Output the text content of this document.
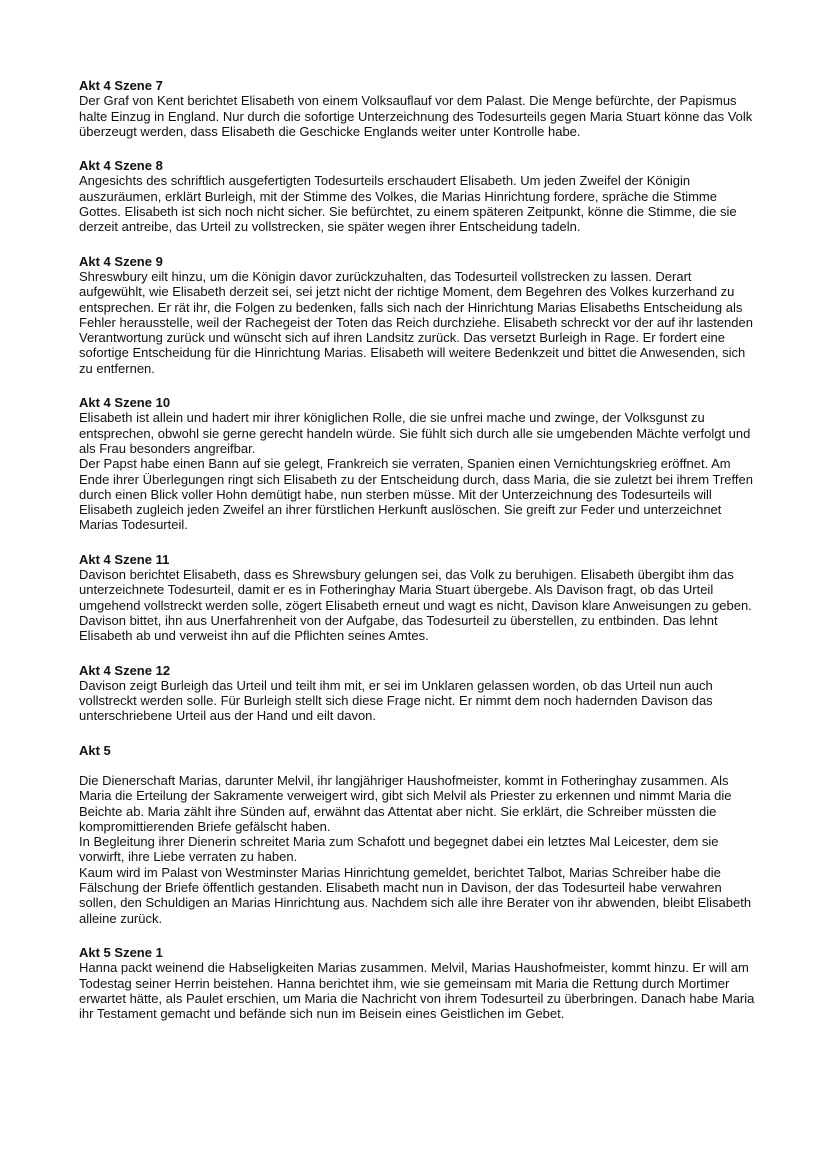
Akt 4 Szene 7

Der Graf von Kent berichtet Elisabeth von einem Volksauflauf vor dem Palast. Die Menge befürchte, der Papismus halte Einzug in England. Nur durch die sofortige Unterzeichnung des Todesurteils gegen Maria Stuart könne das Volk überzeugt werden, dass Elisabeth die Geschicke Englands weiter unter Kontrolle habe.

Akt 4 Szene 8

Angesichts des schriftlich ausgefertigten Todesurteils erschaudert Elisabeth. Um jeden Zweifel der Königin auszuräumen, erklärt Burleigh, mit der Stimme des Volkes, die Marias Hinrichtung fordere, spräche die Stimme Gottes. Elisabeth ist sich noch nicht sicher. Sie befürchtet, zu einem späteren Zeitpunkt, könne die Stimme, die sie derzeit antreibe, das Urteil zu vollstrecken, sie später wegen ihrer Entscheidung tadeln.

Akt 4 Szene 9

Shreswbury eilt hinzu, um die Königin davor zurückzuhalten, das Todesurteil vollstrecken zu lassen. Derart aufgewühlt, wie Elisabeth derzeit sei, sei jetzt nicht der richtige Moment, dem Begehren des Volkes kurzerhand zu entsprechen. Er rät ihr, die Folgen zu bedenken, falls sich nach der Hinrichtung Marias Elisabeths Entscheidung als Fehler herausstelle, weil der Rachegeist der Toten das Reich durchziehe. Elisabeth schreckt vor der auf ihr lastenden Verantwortung zurück und wünscht sich auf ihren Landsitz zurück. Das versetzt Burleigh in Rage. Er fordert eine sofortige Entscheidung für die Hinrichtung Marias. Elisabeth will weitere Bedenkzeit und bittet die Anwesenden, sich zu entfernen.

Akt 4 Szene 10

Elisabeth ist allein und hadert mir ihrer königlichen Rolle, die sie unfrei mache und zwinge, der Volksgunst zu entsprechen, obwohl sie gerne gerecht handeln würde. Sie fühlt sich durch alle sie umgebenden Mächte verfolgt und als Frau besonders angreifbar.

Der Papst habe einen Bann auf sie gelegt, Frankreich sie verraten, Spanien einen Vernichtungskrieg eröffnet. Am Ende ihrer Überlegungen ringt sich Elisabeth zu der Entscheidung durch, dass Maria, die sie zuletzt bei ihrem Treffen durch einen Blick voller Hohn demütigt habe, nun sterben müsse. Mit der Unterzeichnung des Todesurteils will Elisabeth zugleich jeden Zweifel an ihrer fürstlichen Herkunft auslöschen. Sie greift zur Feder und unterzeichnet Marias Todesurteil.

Akt 4 Szene 11

Davison berichtet Elisabeth, dass es Shrewsbury gelungen sei, das Volk zu beruhigen. Elisabeth übergibt ihm das unterzeichnete Todesurteil, damit er es in Fotheringhay Maria Stuart übergebe. Als Davison fragt, ob das Urteil umgehend vollstreckt werden solle, zögert Elisabeth erneut und wagt es nicht, Davison klare Anweisungen zu geben. Davison bittet, ihn aus Unerfahrenheit von der Aufgabe, das Todesurteil zu überstellen, zu entbinden. Das lehnt Elisabeth ab und verweist ihn auf die Pflichten seines Amtes.

Akt 4 Szene 12

Davison zeigt Burleigh das Urteil und teilt ihm mit, er sei im Unklaren gelassen worden, ob das Urteil nun auch vollstreckt werden solle. Für Burleigh stellt sich diese Frage nicht. Er nimmt dem noch hadernden Davison das unterschriebene Urteil aus der Hand und eilt davon.

Akt 5

Die Dienerschaft Marias, darunter Melvil, ihr langjähriger Haushofmeister, kommt in Fotheringhay zusammen. Als Maria die Erteilung der Sakramente verweigert wird, gibt sich Melvil als Priester zu erkennen und nimmt Maria die Beichte ab. Maria zählt ihre Sünden auf, erwähnt das Attentat aber nicht. Sie erklärt, die Schreiber müssten die kompromittierenden Briefe gefälscht haben.

In Begleitung ihrer Dienerin schreitet Maria zum Schafott und begegnet dabei ein letztes Mal Leicester, dem sie vorwirft, ihre Liebe verraten zu haben.

Kaum wird im Palast von Westminster Marias Hinrichtung gemeldet, berichtet Talbot, Marias Schreiber habe die Fälschung der Briefe öffentlich gestanden. Elisabeth macht nun in Davison, der das Todesurteil habe verwahren sollen, den Schuldigen an Marias Hinrichtung aus. Nachdem sich alle ihre Berater von ihr abwenden, bleibt Elisabeth alleine zurück.

Akt 5 Szene 1

Hanna packt weinend die Habseligkeiten Marias zusammen. Melvil, Marias Haushofmeister, kommt hinzu. Er will am Todestag seiner Herrin beistehen. Hanna berichtet ihm, wie sie gemeinsam mit Maria die Rettung durch Mortimer erwartet hätte, als Paulet erschien, um Maria die Nachricht von ihrem Todesurteil zu überbringen. Danach habe Maria ihr Testament gemacht und befände sich nun im Beisein eines Geistlichen im Gebet.
